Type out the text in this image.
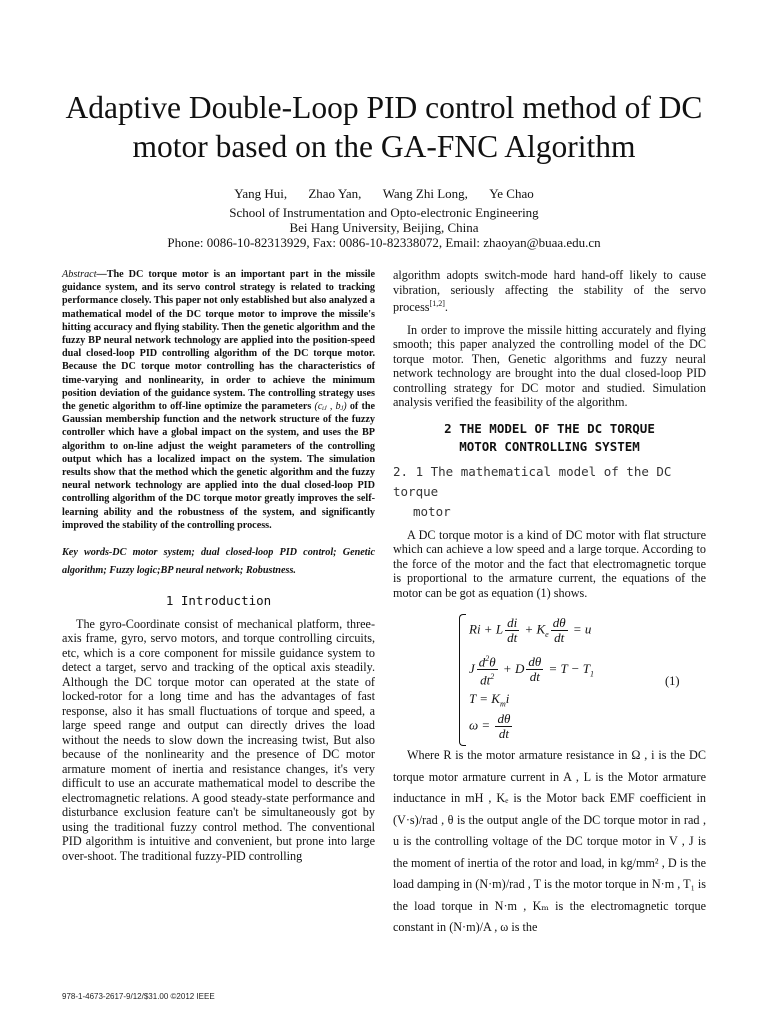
Adaptive Double-Loop PID control method of DC
motor based on the GA-FNC Algorithm
Yang Hui, Zhao Yan, Wang Zhi Long, Ye Chao
School of Instrumentation and Opto-electronic Engineering
Bei Hang University, Beijing, China
Phone: 0086-10-82313929, Fax: 0086-10-82338072, Email: zhaoyan@buaa.edu.cn

Abstract—The DC torque motor is an important part in the missile guidance system, and its servo control strategy is related to tracking performance closely. This paper not only established but also analyzed a mathematical model of the DC torque motor to improve the missile's hitting accuracy and flying stability. Then the genetic algorithm and the fuzzy BP neural network technology are applied into the position-speed dual closed-loop PID controlling algorithm of the DC torque motor. Because the DC torque motor controlling has the characteristics of time-varying and nonlinearity, in order to achieve the minimum position deviation of the guidance system. The controlling strategy uses the genetic algorithm to off-line optimize the parameters (cᵢⱼ , bⱼ) of the Gaussian membership function and the network structure of the fuzzy controller which have a global impact on the system, and uses the BP algorithm to on-line adjust the weight parameters of the controlling output which has a localized impact on the system. The simulation results show that the method which the genetic algorithm and the fuzzy neural network technology are applied into the dual closed-loop PID controlling algorithm of the DC torque motor greatly improves the self-learning ability and the robustness of the system, and significantly improved the stability of the controlling process.

Key words-DC motor system; dual closed-loop PID control; Genetic algorithm; Fuzzy logic;BP neural network; Robustness.

1 Introduction

The gyro-Coordinate consist of mechanical platform, three-axis frame, gyro, servo motors, and torque controlling circuits, etc, which is a core component for missile guidance system to detect a target, servo and tracking of the optical axis steadily. Although the DC torque motor can operated at the state of locked-rotor for a long time and has the advantages of fast response, also it has small fluctuations of torque and speed, a large speed range and output can directly drives the load without the needs to slow down the increasing twist, But also because of the nonlinearity and the presence of DC motor armature moment of inertia and resistance changes, it's very difficult to use an accurate mathematical model to describe the electromagnetic relations. A good steady-state performance and disturbance exclusion feature can't be simultaneously got by using the traditional fuzzy control method. The conventional PID algorithm is intuitive and convenient, but prone into large over-shoot. The traditional fuzzy-PID controlling

algorithm adopts switch-mode hard hand-off likely to cause vibration, seriously affecting the stability of the servo process[1,2].

In order to improve the missile hitting accurately and flying smooth; this paper analyzed the controlling model of the DC torque motor. Then, Genetic algorithms and fuzzy neural network technology are brought into the dual closed-loop PID controlling strategy for DC motor and studied. Simulation analysis verified the feasibility of the algorithm.

2 THE MODEL OF THE DC TORQUE
MOTOR CONTROLLING SYSTEM

2. 1 The mathematical model of the DC torque
motor

A DC torque motor is a kind of DC motor with flat structure which can achieve a low speed and a large torque. According to the force of the motor and the fact that electromagnetic torque is proportional to the armature current, the equations of the motor can be got as equation (1) shows.

Ri + L $\frac{di}{dt} + K_e \frac{d\theta}{dt} = u$
J $\frac{d^2\theta}{dt^2} + D \frac{d\theta}{dt} = T - T_1$
$T = K_mi$
$\omega = \frac{d\theta}{dt}$
(1)

Where R is the motor armature resistance in Ω , i is the DC torque motor armature current in A , L is the Motor armature inductance in mH , Kₑ is the Motor back EMF coefficient in (V·s)/rad , θ is the output angle of the DC torque motor in rad , u is the controlling voltage of the DC torque motor in V , J is the moment of inertia of the rotor and load, in kg/mm² , D is the load damping in (N·m)/rad , T is the motor torque in N·m , T₁ is the load torque in N·m , Kₘ is the electromagnetic torque constant in (N·m)/A , ω is the

978-1-4673-2617-9/12/$31.00 ©2012 IEEE
